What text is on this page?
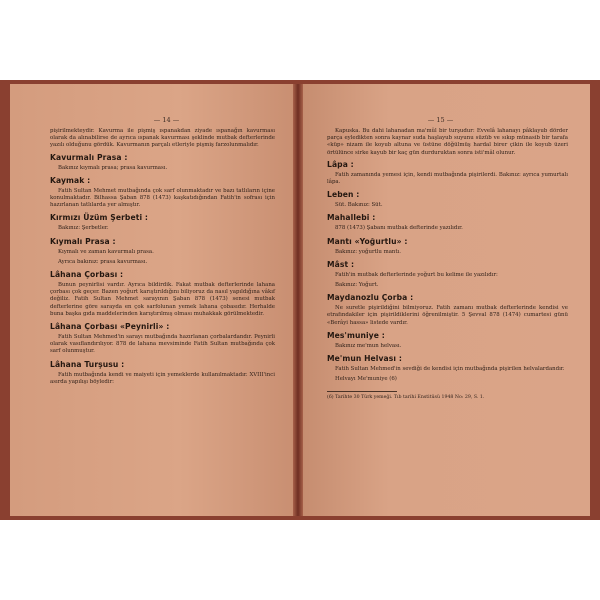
— 14 —

pişirilmekteydir. Kavurma ile pişmiş ıspanakdan ziyade ıspanağın kavurması olarak da alınabilirse de ayrıca ıspanak kavurması şeklinde mutbak defterlerinde yazılı olduğunu gördük. Kavurmanın parçalı etleriyle pişmiş farzolunmalıdır.

Kavurmalı Prasa :

Bakınız kıymalı prasa; prasa kavurması.

Kaymak :

Fatih Sultan Mehmet mutbağında çok sarf olunmaktadır ve bazı tatlıların içine konulmaktadır. Bilhassa Şaban 878 (1473) kaşkatıdığından Fatih'in sofrası için hazırlanan tatlılarda yer almıştır.

Kırmızı Üzüm Şerbeti :

Bakınız: Şerbetler.

Kıymalı Prasa :

Kıymalı ve zaman kavurmalı prasa.

Ayrıca bakınız: prasa kavurması.

Lâhana Çorbası :

Bunun peynirlisi vardır. Ayrıca bildirdik. Fakat mutbak defterlerinde lahana çorbası çok geçer. Bazen yoğurt karıştırıldığını biliyoruz da nasıl yapıldığına vâkıf değiliz. Fatih Sultan Mehmet sarayının Şaban 878 (1473) senesi mutbak defterlerine göre sarayda en çok sarfolunan yemek lahana çobasıdır. Herhalde buna başka gıda maddelerinden karıştırılmış olması muhakkak görülmektedir.

Lâhana Çorbası «Peynirli» :

Fatih Sultan Mehmed'in sarayı mutbağında hazırlanan çorbalardandır. Peynirli olarak vasıflandırılıyor. 878 de lahana mevsiminde Fatih Sultan mutbağında çok sarf olunmuştur.

Lâhana Turşusu :

Fatih mutbağında kendi ve maiyeti için yemeklerde kullanılmaktadır. XVIII'inci asırda yapılışı böyledir:

— 15 —

Kapuska. Bu dahi lahanadan ma'mûl bir turşudur: Evvelâ lahanayı pâklayub dörder parça eyledikten sonra kaynar suda haşlayub suyunu süzüb ve sıkıp münasib bir tarafa «küp» nizam ile koyub altuna ve üstüne döğülmüş hardal birer çikin ile koyub üzeri örtülünce sirke kayub bir kaç gün durduruktan sonra isti'mâl olunur.

Lâpa :

Fatih zamanında yemesi için, kendi mutbağında pişirilerdi. Bakınız: ayrıca yumurtalı lâpa.

Leben :

Süt. Bakınız: Süt.

Mahallebi :

878 (1473) Şabanı mutbak defterinde yazılıdır.

Mantı «Yoğurtlu» :

Bakınız: yoğurtlu mantı.

Mâst :

Fatih'in mutbak defterlerinde yoğurt bu kelime ile yazılıdır:

Bakınız: Yoğurt.

Maydanozlu Çorba :

Ne suretle pişirildiğini bilmiyoruz. Fatih zamanı mutbak defterlerinde kendisi ve etrafındakiler için pişirildiklerini öğrenilmiştir. 5 Şevval 878 (1474) cumartesi günü «Berâyi hassa» listede vardır.

Mes'muniye :

Bakınız me'mun helvası.

Me'mun Helvası :

Fatih Sultan Mehmed'in sevdiği de kendisi için mutbağında pişirilen helvalardandır.

Helvayı Me'muniye (6)

(6) Tarihte 30 Türk yemeği. Tıb tarihi Enstitüsü 1948 No: 29, S. 1.
